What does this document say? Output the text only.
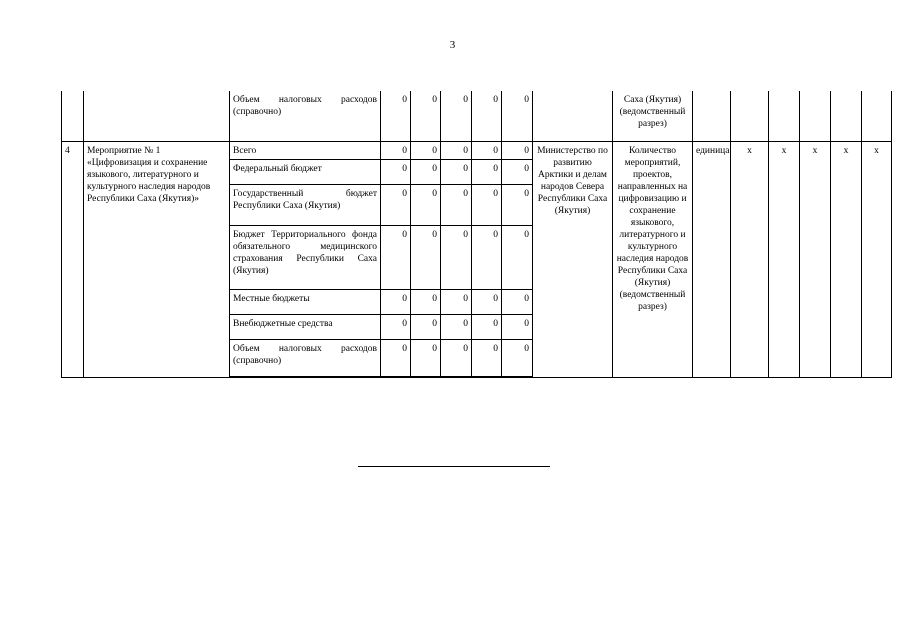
3
		Объем налоговых расходов (справочно)	0	0	0	0	0		Саха (Якутия) (ведомственный разрез)						
4	Мероприятие № 1 «Цифровизация и сохранение языкового, литературного и культурного наследия народов Республики Саха (Якутия)»	Всего	0	0	0	0	0	Министерство по развитию Арктики и делам народов Севера Республики Саха (Якутия)	Количество мероприятий, проектов, направленных на цифровизацию и сохранение языкового, литературного и культурного наследия народов Республики Саха (Якутия) (ведомственный разрез)	единица	х	х	х	х	х
		Федеральный бюджет	0	0	0	0	0								
		Государственный бюджет Республики Саха (Якутия)	0	0	0	0	0								
		Бюджет Территориального фонда обязательного медицинского страхования Республики Саха (Якутия)	0	0	0	0	0								
		Местные бюджеты	0	0	0	0	0								
		Внебюджетные средства	0	0	0	0	0								
		Объем налоговых расходов (справочно)	0	0	0	0	0								
